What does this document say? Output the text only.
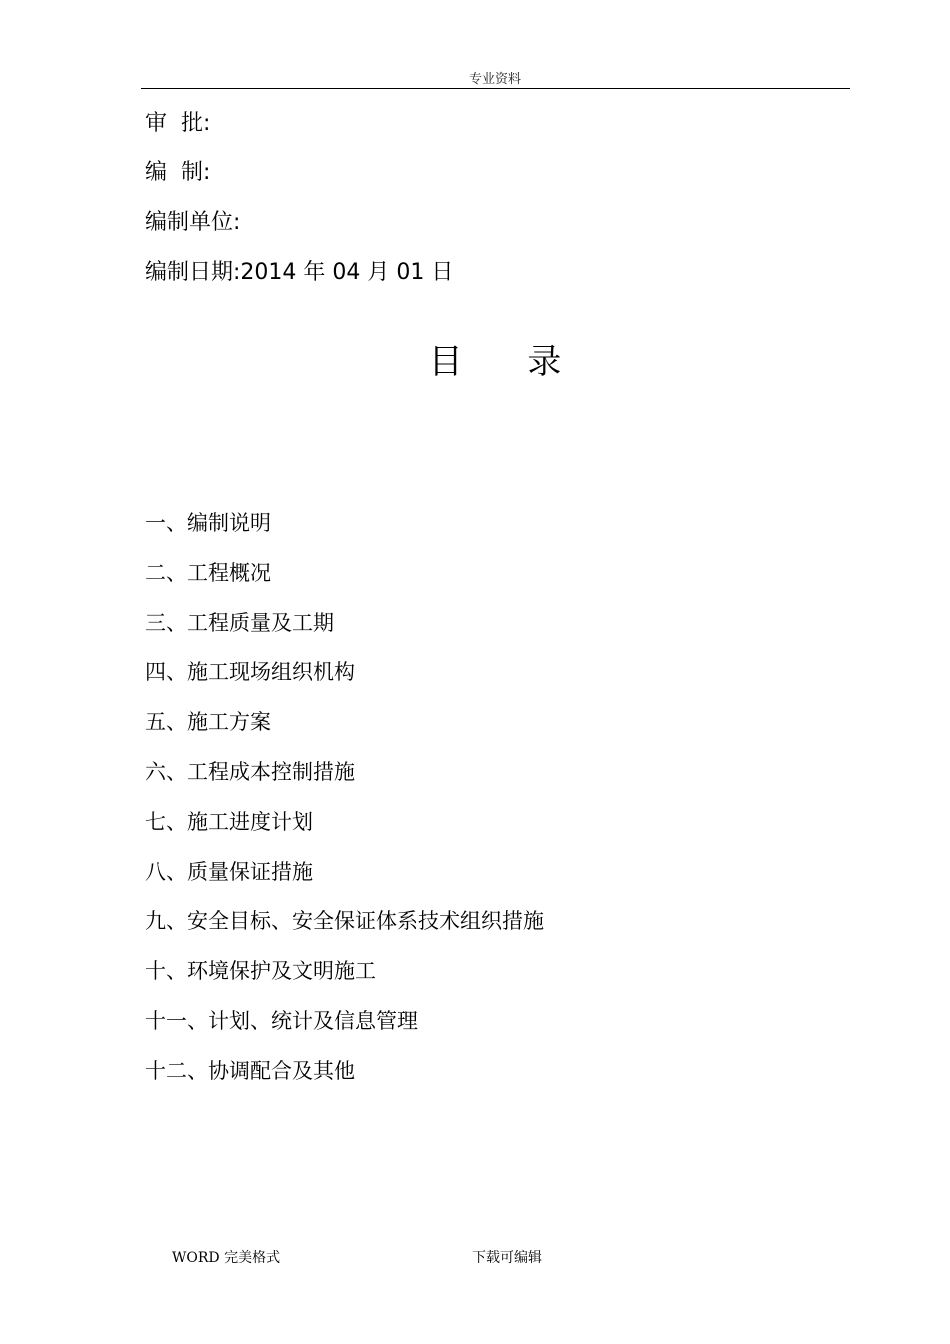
专业资料
审  批:
编  制:
编制单位:
编制日期:2014 年 04 月 01 日
目      录
一、编制说明
二、工程概况
三、工程质量及工期
四、施工现场组织机构
五、施工方案
六、工程成本控制措施
七、施工进度计划
八、质量保证措施
九、安全目标、安全保证体系技术组织措施
十、环境保护及文明施工
十一、计划、统计及信息管理
十二、协调配合及其他
WORD 完美格式	下载可编辑
